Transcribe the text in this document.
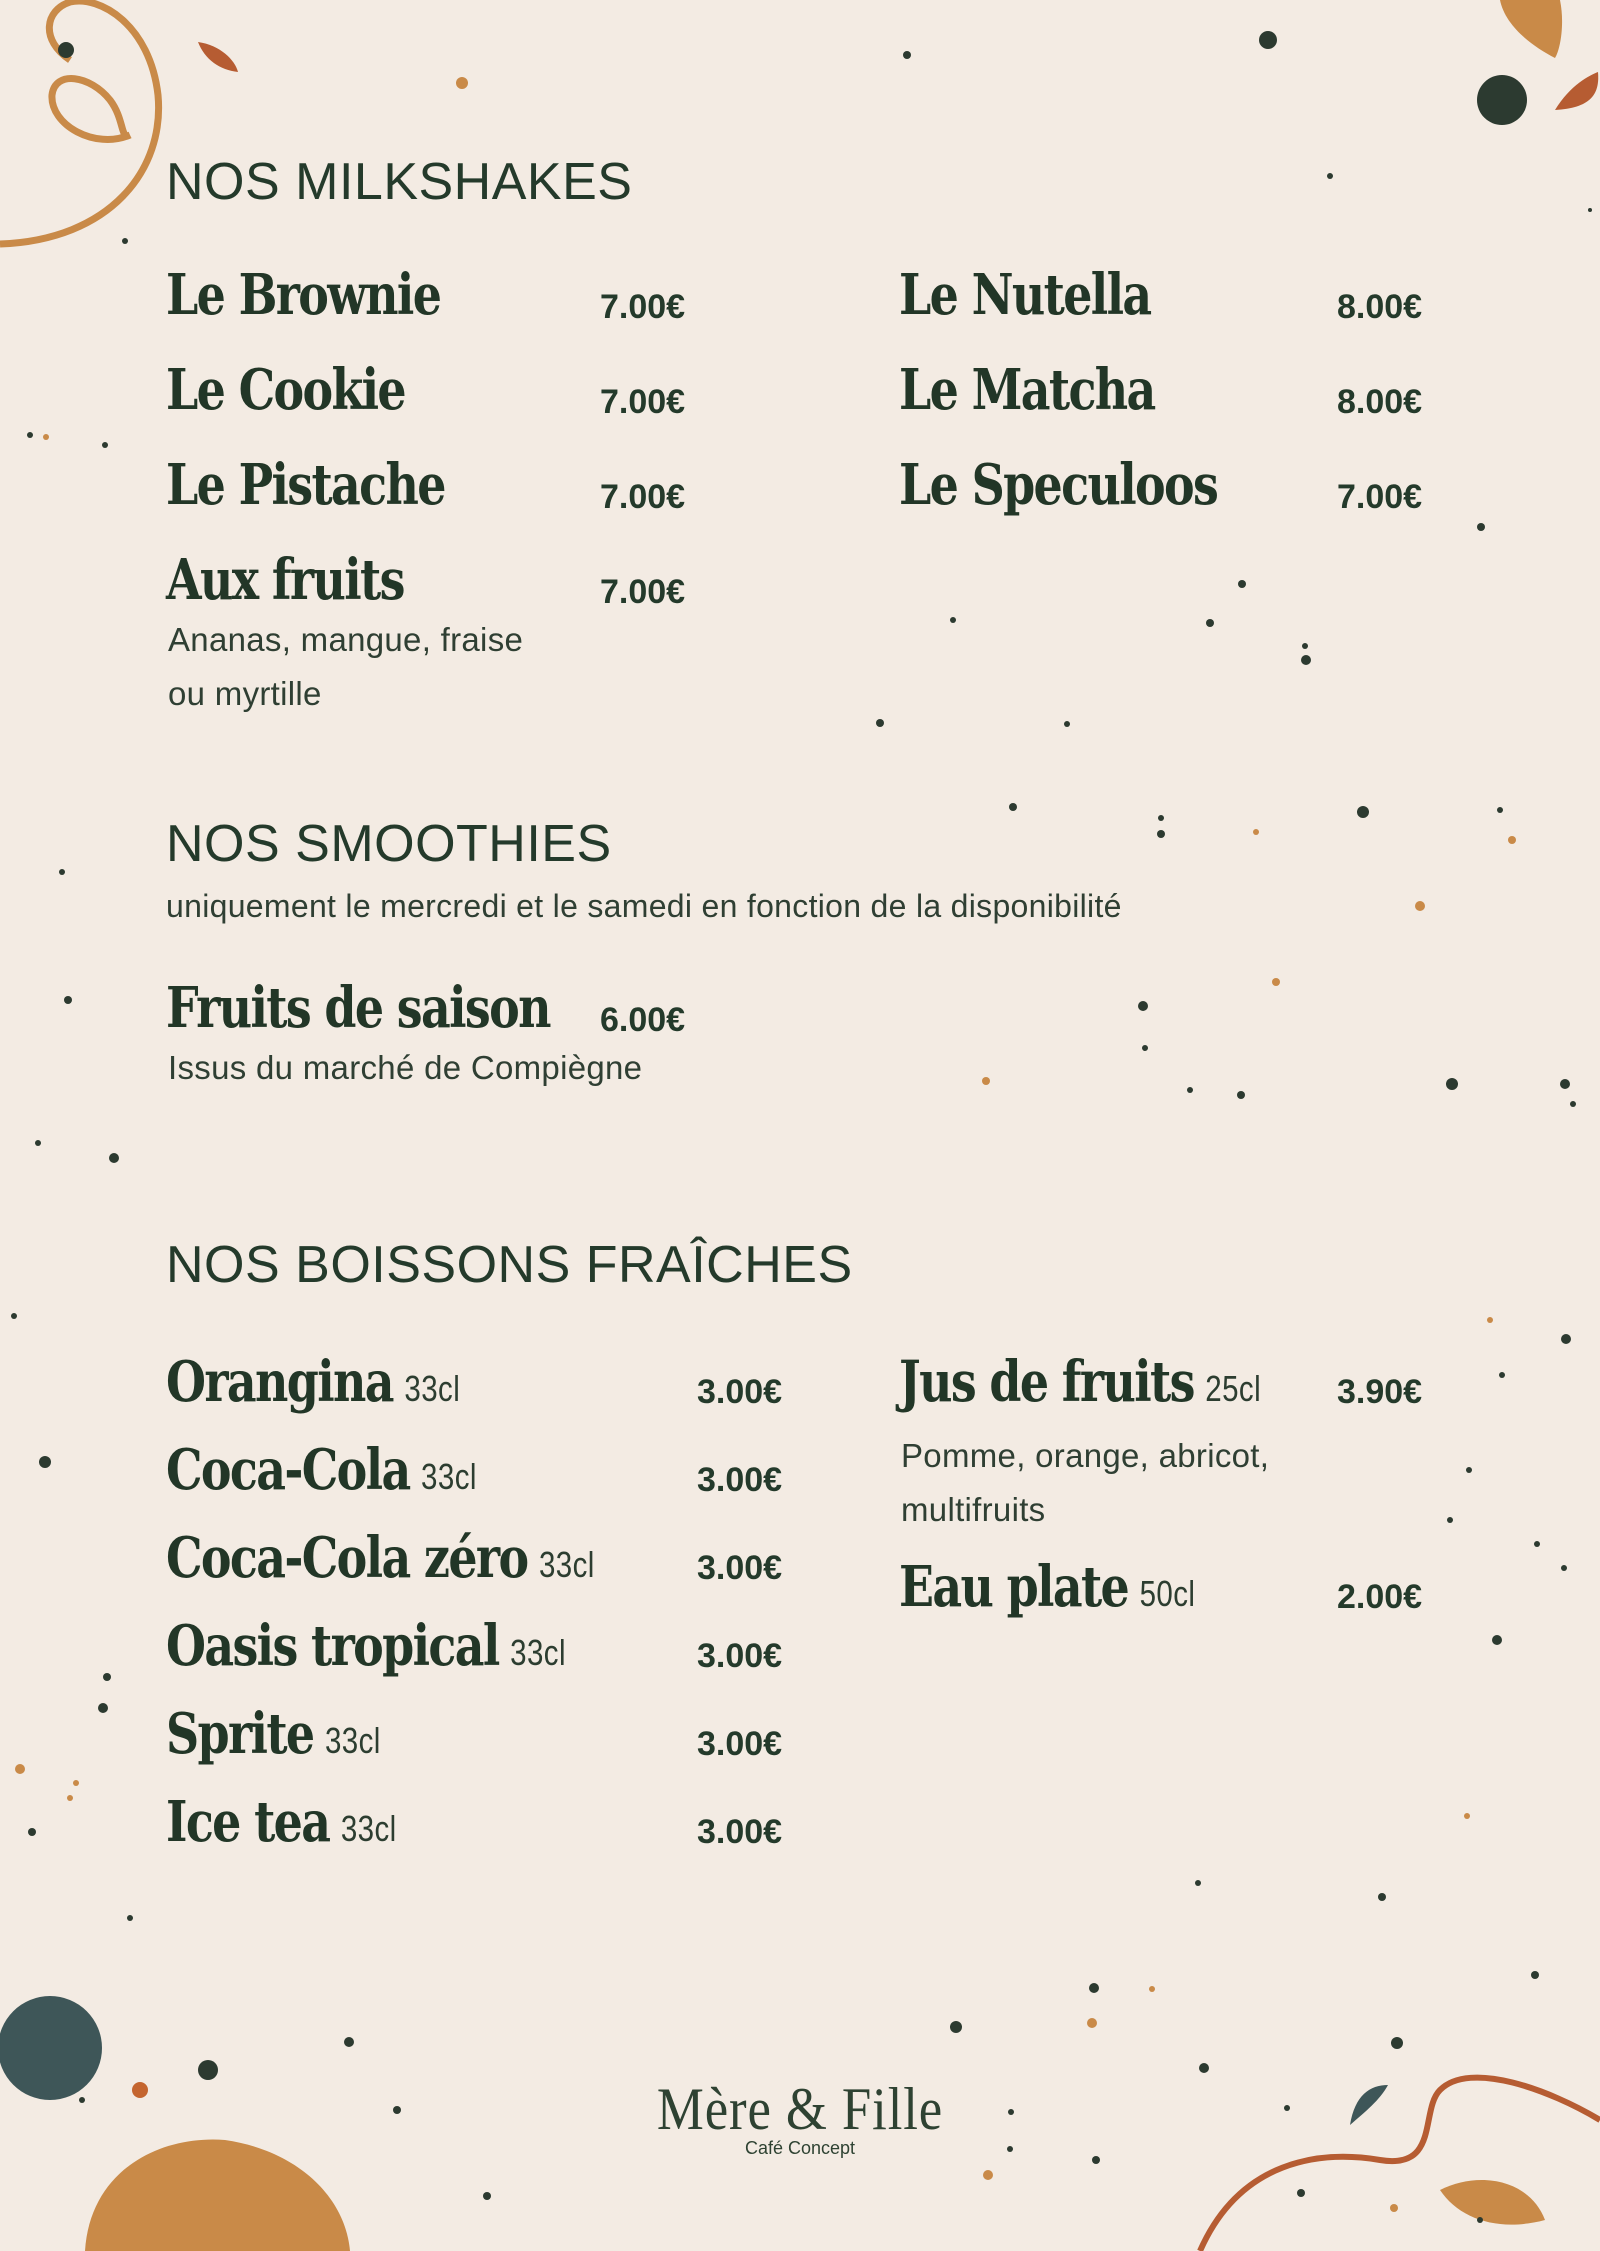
NOS MILKSHAKES
Le Brownie	7.00€
Le Cookie	7.00€
Le Pistache	7.00€
Aux fruits	7.00€
Ananas, mangue, fraise ou myrtille
Le Nutella	8.00€
Le Matcha	8.00€
Le Speculoos	7.00€
NOS SMOOTHIES

uniquement le mercredi et le samedi en fonction de la disponibilité

Fruits de saison 6.00€
Issus du marché de Compiègne
NOS BOISSONS FRAÎCHES
Orangina 33cl	3.00€
Coca-Cola 33cl	3.00€
Coca-Cola zéro 33cl	3.00€
Oasis tropical 33cl	3.00€
Sprite 33cl	3.00€
Ice tea 33cl	3.00€
Jus de fruits 25cl 3.90€
Pomme, orange, abricot, multifruits
Eau plate 50cl	2.00€
Mère & Fille
Café Concept
